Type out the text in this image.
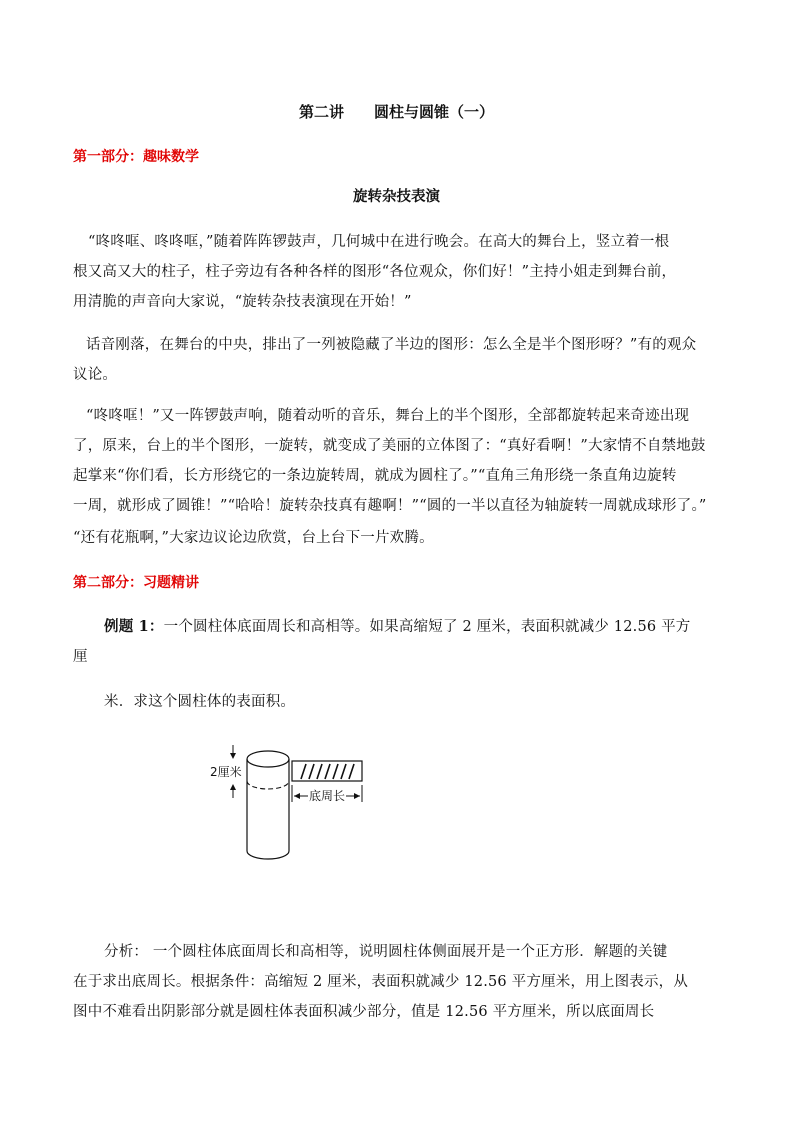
第二讲 圆柱与圆锥（一）
第一部分：趣味数学
旋转杂技表演
“咚咚哐、咚咚哐，”随着阵阵锣鼓声，几何城中在进行晚会。在高大的舞台上，竖立着一根
根又高又大的柱子，柱子旁边有各种各样的图形“各位观众，你们好！”主持小姐走到舞台前，
用清脆的声音向大家说，“旋转杂技表演现在开始！”
话音刚落，在舞台的中央，排出了一列被隐藏了半边的图形：怎么全是半个图形呀？”有的观众
议论。
“咚咚哐！”又一阵锣鼓声响，随着动听的音乐，舞台上的半个图形，全部都旋转起来奇迹出现
了，原来，台上的半个图形，一旋转，就变成了美丽的立体图了：“真好看啊！”大家情不自禁地鼓
起掌来“你们看，长方形绕它的一条边旋转周，就成为圆柱了。”“直角三角形绕一条直角边旋转
一周，就形成了圆锥！”“哈哈！旋转杂技真有趣啊！”“圆的一半以直径为轴旋转一周就成球形了。”
“还有花瓶啊，”大家边议论边欣赏，台上台下一片欢腾。
第二部分：习题精讲
例题 1：一个圆柱体底面周长和高相等。如果高缩短了 2 厘米，表面积就减少 12.56 平方
厘
米．求这个圆柱体的表面积。
2厘米
底周长
分析： 一个圆柱体底面周长和高相等，说明圆柱体侧面展开是一个正方形．解题的关键
在于求出底周长。根据条件：高缩短 2 厘米，表面积就减少 12.56 平方厘米，用上图表示，从
图中不难看出阴影部分就是圆柱体表面积减少部分，值是 12.56 平方厘米，所以底面周长
